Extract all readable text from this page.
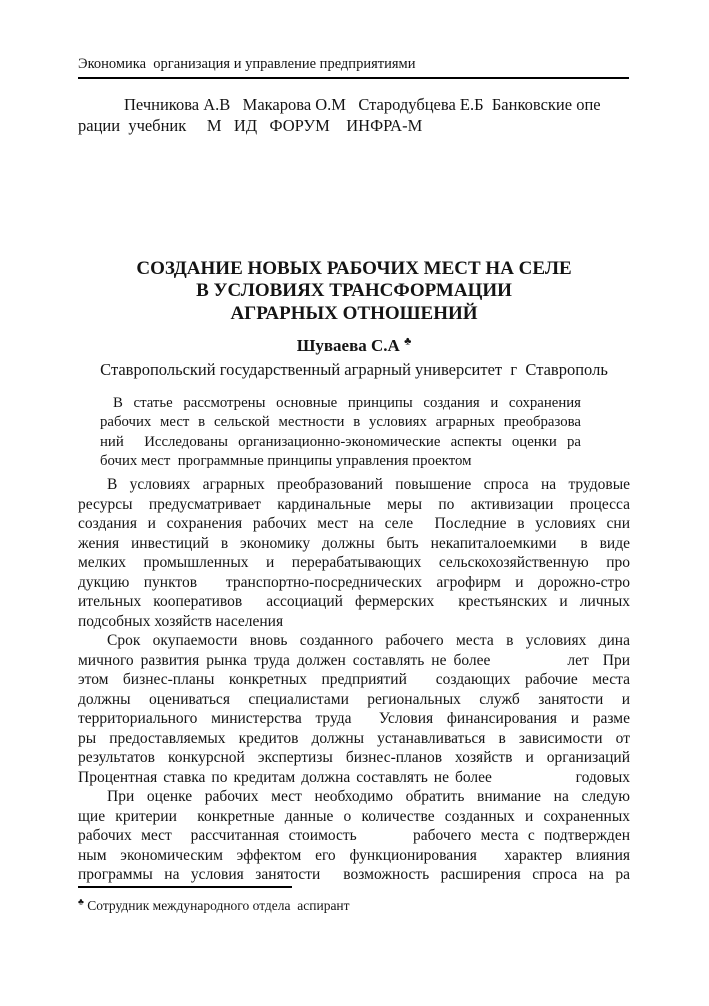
Экономика  организация и управление предприятиями
Печникова А.В   Макарова О.М   Стародубцева Е.Б  Банковские опе
рации  учебник     М   ИД   ФОРУМ    ИНФРА-М
СОЗДАНИЕ НОВЫХ РАБОЧИХ МЕСТ НА СЕЛЕ
В УСЛОВИЯХ ТРАНСФОРМАЦИИ
АГРАРНЫХ ОТНОШЕНИЙ
Шуваева С.А ♣
Ставропольский государственный аграрный университет  г  Ставрополь
В статье рассмотрены основные принципы создания и сохранения
рабочих мест в сельской местности в условиях аграрных преобразова
ний  Исследованы организационно-экономические аспекты оценки ра
бочих мест  программные принципы управления проектом
В условиях аграрных преобразований повышение спроса на трудовые
ресурсы предусматривает кардинальные меры по активизации процесса
создания и сохранения рабочих мест на селе  Последние в условиях сни
жения инвестиций в экономику должны быть некапиталоемкими  в виде
мелких промышленных и перерабатывающих сельскохозяйственную про
дукцию пунктов  транспортно-посреднических агрофирм и дорожно-стро
ительных кооперативов  ассоциаций фермерских  крестьянских и личных
подсобных хозяйств населения
Срок окупаемости вновь созданного рабочего места в условиях дина
мичного развития рынка труда должен составлять не более           лет  При
этом бизнес-планы конкретных предприятий  создающих рабочие места
должны оцениваться специалистами региональных служб занятости и
территориального министерства труда  Условия финансирования и разме
ры предоставляемых кредитов должны устанавливаться в зависимости от
результатов конкурсной экспертизы бизнес-планов хозяйств и организаций
Процентная ставка по кредитам должна составлять не более              годовых
При оценке рабочих мест необходимо обратить внимание на следую
щие критерии  конкретные данные о количестве созданных и сохраненных
рабочих мест  рассчитанная стоимость      рабочего места с подтвержден
ным экономическим эффектом его функционирования  характер влияния
программы на условия занятости  возможность расширения спроса на ра
♣ Сотрудник международного отдела  аспирант
